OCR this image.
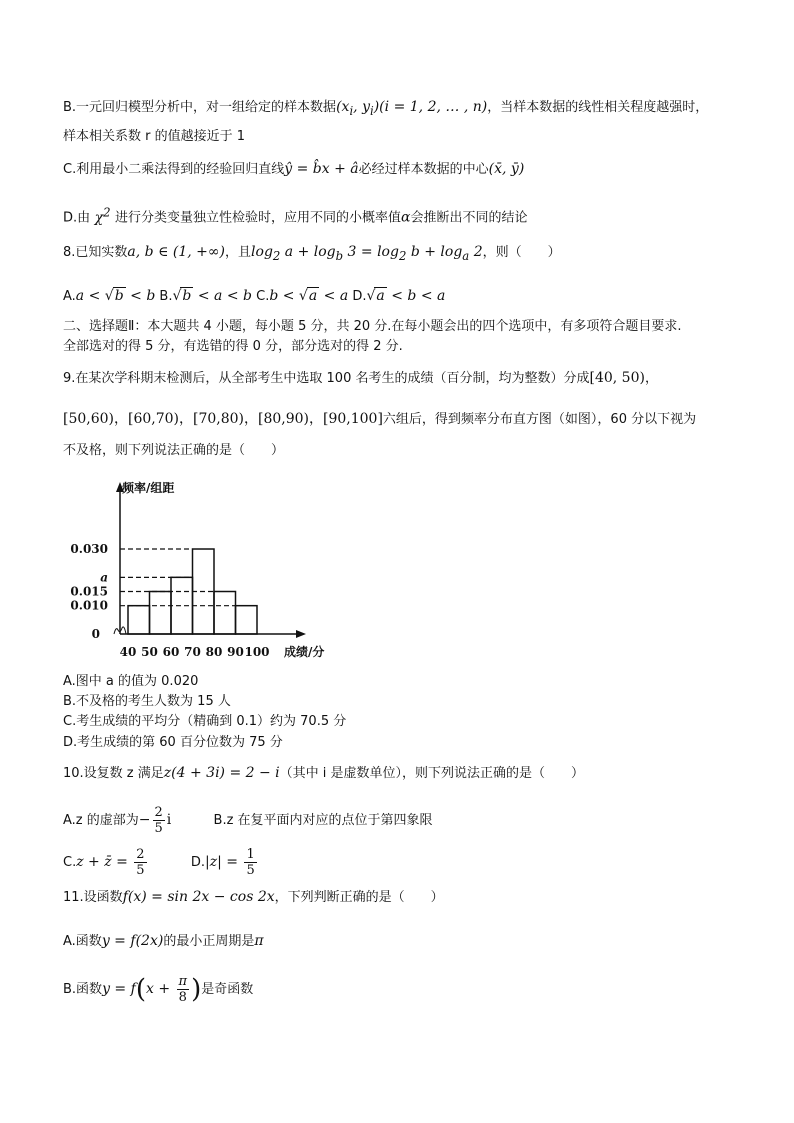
B.一元回归模型分析中，对一组给定的样本数据($x_i$, $y_i)(i = 1$, 2, … , n)，当样本数据的线性相关程度越强时，
样本相关系数 r 的值越接近于 1
C.利用最小二乘法得到的经验回归直线ŷ = b̂x + â必经过样本数据的中心(x̄, ȳ)
D.由 $\chi^2$ 进行分类变量独立性检验时，应用不同的小概率值α会推断出不同的结论
8.已知实数a, b ∈ (1, +∞)，且$\log_2 a + \log_b 3 = \log_2 b + \log_a 2$，则（　　）
A.a < √b < b B.√b < a < b C.b < √a < a D.√a < b < a
二、选择题Ⅱ：本大题共 4 小题，每小题 5 分，共 20 分.在每小题会出的四个选项中，有多项符合题目要求.
全部选对的得 5 分，有选错的得 0 分，部分选对的得 2 分.
9.在某次学科期末检测后，从全部考生中选取 100 名考生的成绩（百分制，均为整数）分成[40, 50)，
[50,60)，[60,70)，[70,80)，[80,90)，[90,100]六组后，得到频率分布直方图（如图），60 分以下视为
不及格，则下列说法正确的是（　　）
0
0.010
0.015
a
0.030
40 50 60 70 80 90 100
频率/组距
成绩/分
A.图中 a 的值为 0.020
B.不及格的考生人数为 15 人
C.考生成绩的平均分（精确到 0.1）约为 70.5 分
D.考生成绩的第 60 百分位数为 75 分
10.设复数 z 满足z(4 + 3i) = 2 − i（其中 i 是虚数单位），则下列说法正确的是（　　）
A.z 的虚部为− $\frac{2}{5}$ i	B.z 在复平面内对应的点位于第四象限
C.z + z̄ = $\frac{2}{5}$	$D.|z| = \frac{1}{5}$
11.设函数f(x) = sin 2x − cos 2x，下列判断正确的是（　　）
A.函数y = f(2x)的最小正周期是π
B.函数$y = f(x + \frac{\pi}{8}$ )是奇函数
